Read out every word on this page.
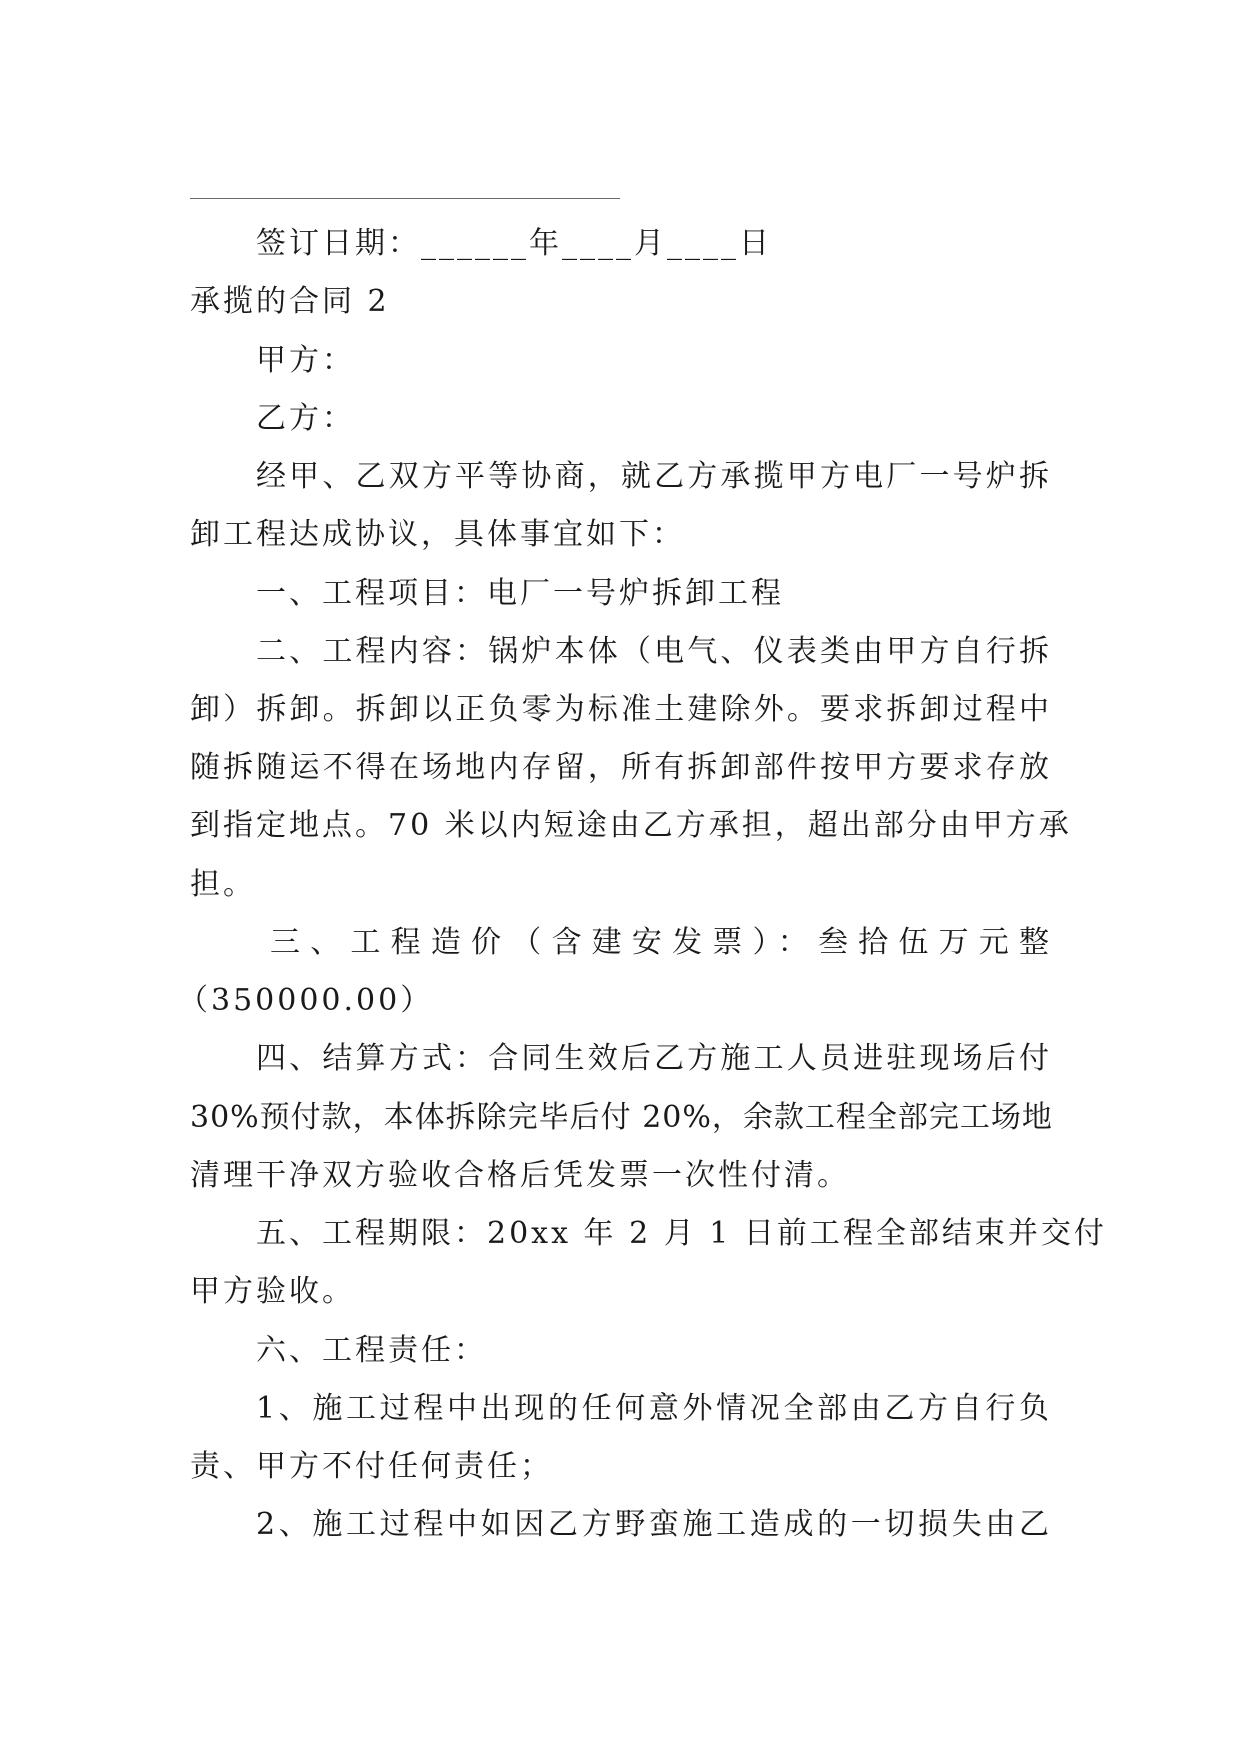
签订日期：______年____月____日
承揽的合同 2
甲方：
乙方：
经甲、乙双方平等协商，就乙方承揽甲方电厂一号炉拆
卸工程达成协议，具体事宜如下：
一、工程项目：电厂一号炉拆卸工程
二、工程内容：锅炉本体（电气、仪表类由甲方自行拆
卸）拆卸。拆卸以正负零为标准土建除外。要求拆卸过程中
随拆随运不得在场地内存留，所有拆卸部件按甲方要求存放
到指定地点。70 米以内短途由乙方承担，超出部分由甲方承
担。
三、工程造价（含建安发票）：叁拾伍万元整
（350000.00）
四、结算方式：合同生效后乙方施工人员进驻现场后付
30%预付款，本体拆除完毕后付 20%，余款工程全部完工场地
清理干净双方验收合格后凭发票一次性付清。
五、工程期限：20xx 年 2 月 1 日前工程全部结束并交付
甲方验收。
六、工程责任：
1、施工过程中出现的任何意外情况全部由乙方自行负
责、甲方不付任何责任；
2、施工过程中如因乙方野蛮施工造成的一切损失由乙
